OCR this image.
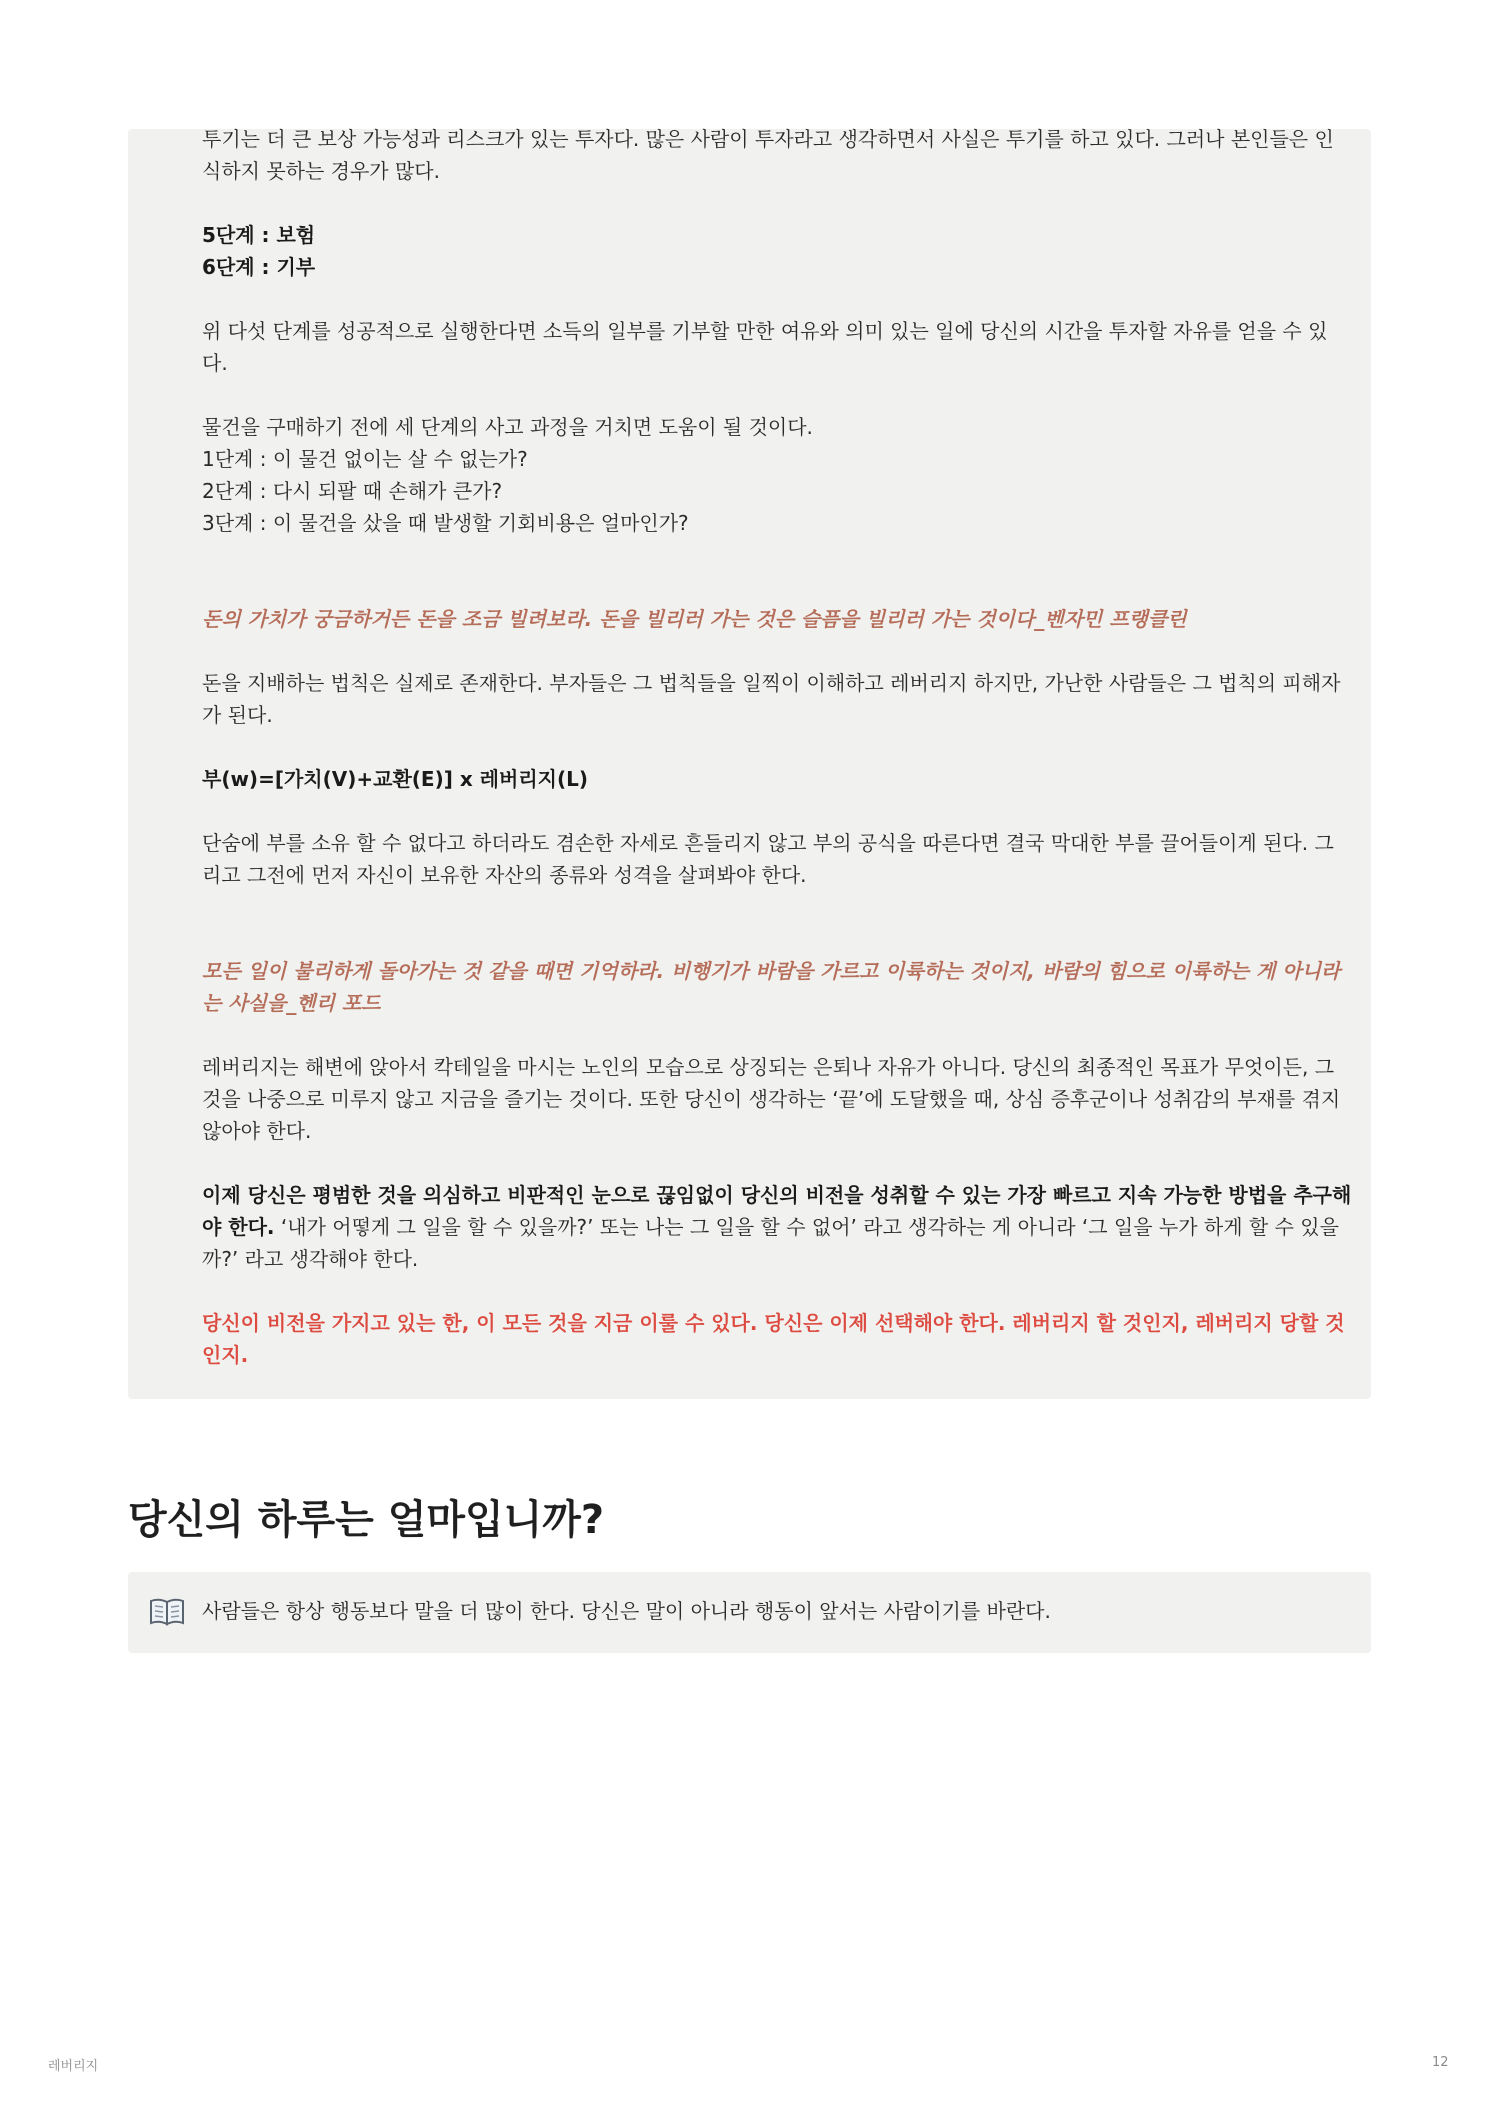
투기는 더 큰 보상 가능성과 리스크가 있는 투자다. 많은 사람이 투자라고 생각하면서 사실은 투기를 하고 있다. 그러나 본인들은 인식하지 못하는 경우가 많다.

5단계 : 보험

6단계 : 기부

위 다섯 단계를 성공적으로 실행한다면 소득의 일부를 기부할 만한 여유와 의미 있는 일에 당신의 시간을 투자할 자유를 얻을 수 있다.

물건을 구매하기 전에 세 단계의 사고 과정을 거치면 도움이 될 것이다.

1단계 : 이 물건 없이는 살 수 없는가?

2단계 : 다시 되팔 때 손해가 큰가?

3단계 : 이 물건을 샀을 때 발생할 기회비용은 얼마인가?

돈의 가치가 궁금하거든 돈을 조금 빌려보라. 돈을 빌리러 가는 것은 슬픔을 빌리러 가는 것이다_벤자민 프랭클린

돈을 지배하는 법칙은 실제로 존재한다. 부자들은 그 법칙들을 일찍이 이해하고 레버리지 하지만, 가난한 사람들은 그 법칙의 피해자가 된다.

부(w)=[가치(V)+교환(E)] x 레버리지(L)

단숨에 부를 소유 할 수 없다고 하더라도 겸손한 자세로 흔들리지 않고 부의 공식을 따른다면 결국 막대한 부를 끌어들이게 된다. 그리고 그전에 먼저 자신이 보유한 자산의 종류와 성격을 살펴봐야 한다.

모든 일이 불리하게 돌아가는 것 같을 때면 기억하라. 비행기가 바람을 가르고 이륙하는 것이지, 바람의 힘으로 이륙하는 게 아니라는 사실을_헨리 포드

레버리지는 해변에 앉아서 칵테일을 마시는 노인의 모습으로 상징되는 은퇴나 자유가 아니다. 당신의 최종적인 목표가 무엇이든, 그것을 나중으로 미루지 않고 지금을 즐기는 것이다. 또한 당신이 생각하는 ‘끝’에 도달했을 때, 상심 증후군이나 성취감의 부재를 겪지 않아야 한다.

이제 당신은 평범한 것을 의심하고 비판적인 눈으로 끊임없이 당신의 비전을 성취할 수 있는 가장 빠르고 지속 가능한 방법을 추구해야 한다. ‘내가 어떻게 그 일을 할 수 있을까?’ 또는 나는 그 일을 할 수 없어’ 라고 생각하는 게 아니라 ‘그 일을 누가 하게 할 수 있을까?’ 라고 생각해야 한다.

당신이 비전을 가지고 있는 한, 이 모든 것을 지금 이룰 수 있다. 당신은 이제 선택해야 한다. 레버리지 할 것인지, 레버리지 당할 것인지.

당신의 하루는 얼마입니까?
사람들은 항상 행동보다 말을 더 많이 한다. 당신은 말이 아니라 행동이 앞서는 사람이기를 바란다.
레버리지	12
